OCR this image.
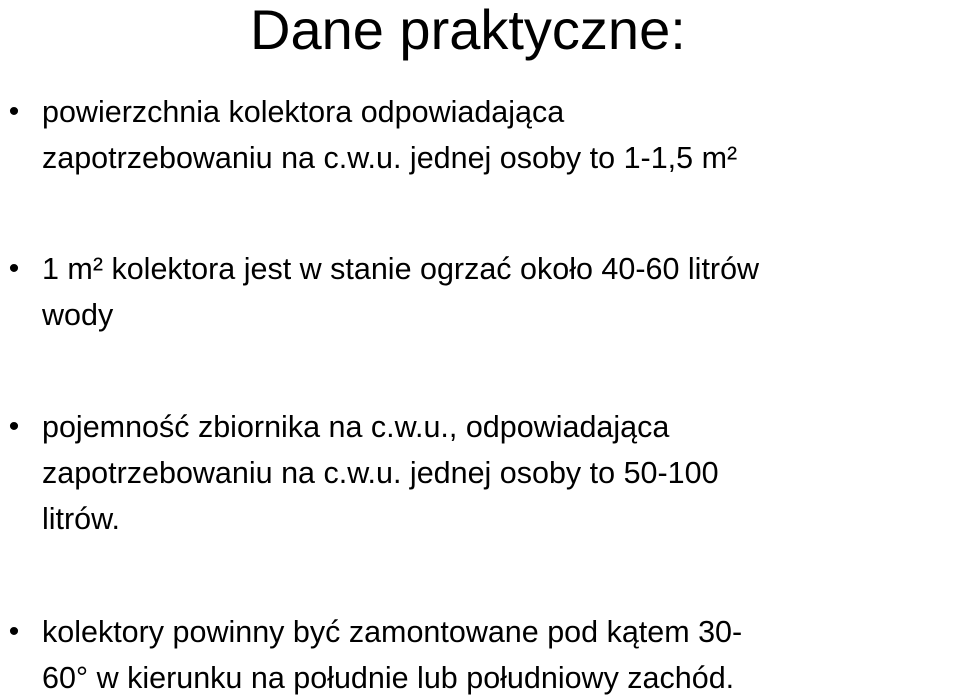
Dane praktyczne:
• powierzchnia kolektora odpowiadająca
zapotrzebowaniu na c.w.u. jednej osoby to 1-1,5 m²
• 1 m² kolektora jest w stanie ogrzać około 40-60 litrów
wody
• pojemność zbiornika na c.w.u., odpowiadająca
zapotrzebowaniu na c.w.u. jednej osoby to 50-100
litrów.
• kolektory powinny być zamontowane pod kątem 30-
60° w kierunku na południe lub południowy zachód.
